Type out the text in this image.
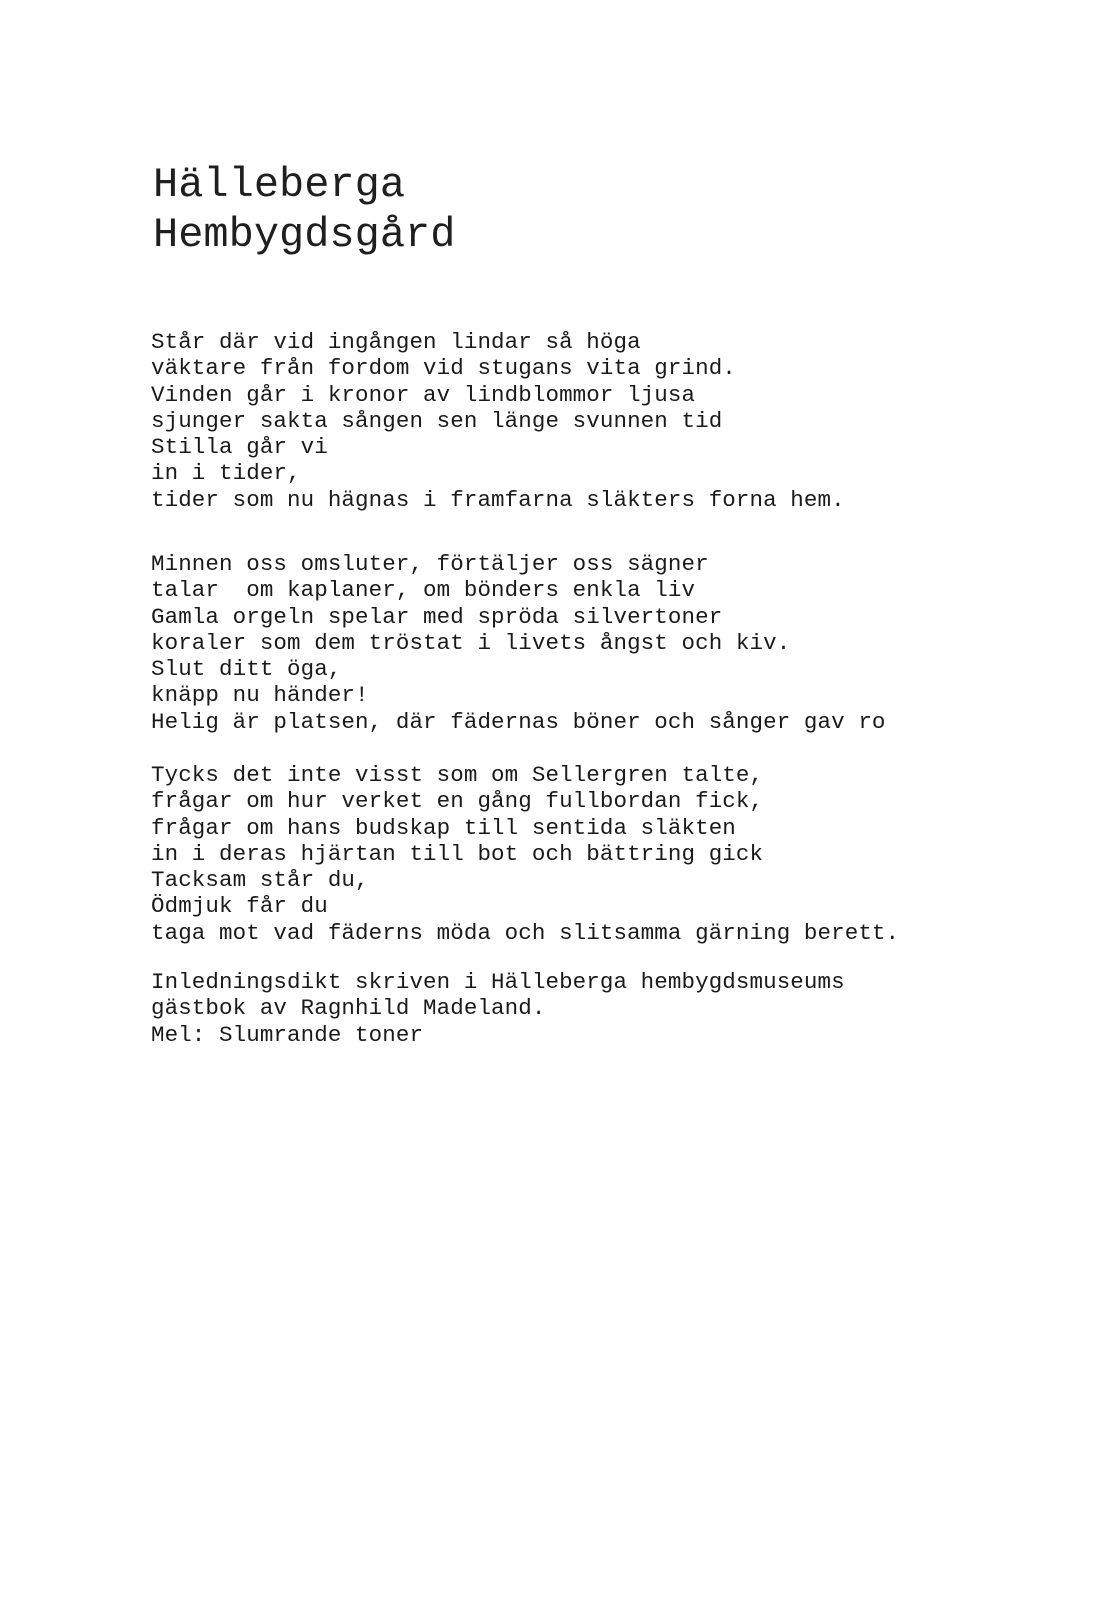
Hälleberga
Hembygdsgård
Står där vid ingången lindar så höga
väktare från fordom vid stugans vita grind.
Vinden går i kronor av lindblommor ljusa
sjunger sakta sången sen länge svunnen tid
Stilla går vi
in i tider,
tider som nu hägnas i framfarna släkters forna hem.
Minnen oss omsluter, förtäljer oss sägner
talar  om kaplaner, om bönders enkla liv
Gamla orgeln spelar med spröda silvertoner
koraler som dem tröstat i livets ångst och kiv.
Slut ditt öga,
knäpp nu händer!
Helig är platsen, där fädernas böner och sånger gav ro
Tycks det inte visst som om Sellergren talte,
frågar om hur verket en gång fullbordan fick,
frågar om hans budskap till sentida släkten
in i deras hjärtan till bot och bättring gick
Tacksam står du,
Ödmjuk får du
taga mot vad fäderns möda och slitsamma gärning berett.
Inledningsdikt skriven i Hälleberga hembygdsmuseums
gästbok av Ragnhild Madeland.
Mel: Slumrande toner
